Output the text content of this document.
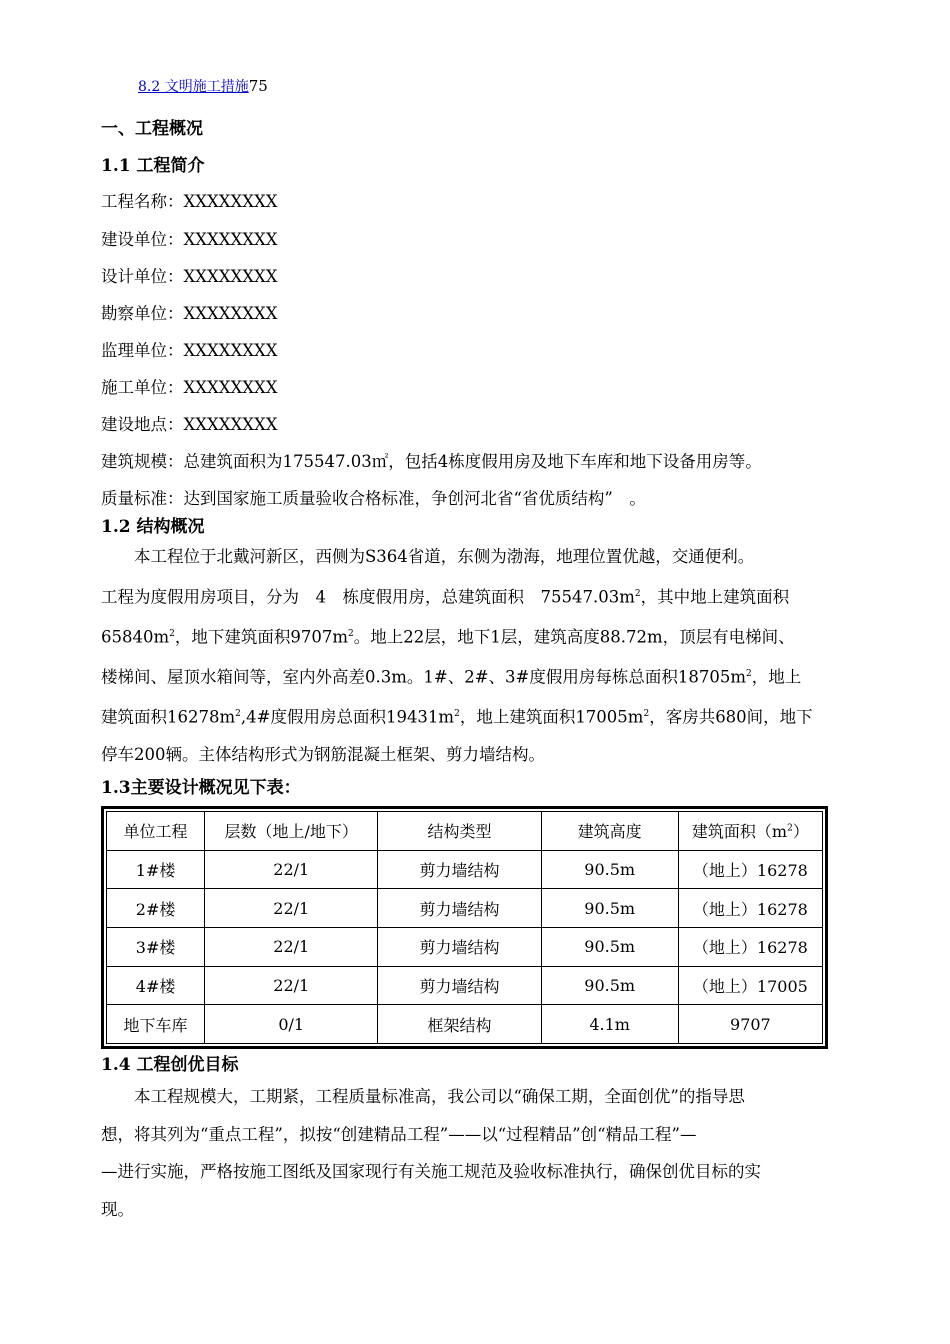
8.2 文明施工措施75
一、工程概况
1.1 工程简介
工程名称：XXXXXXXX
建设单位：XXXXXXXX
设计单位：XXXXXXXX
勘察单位：XXXXXXXX
监理单位：XXXXXXXX
施工单位：XXXXXXXX
建设地点：XXXXXXXX
建筑规模：总建筑面积为175547.03㎡，包括4栋度假用房及地下车库和地下设备用房等。
质量标准：达到国家施工质量验收合格标准，争创河北省“省优质结构”　。
1.2 结构概况

本工程位于北戴河新区，西侧为S364省道，东侧为渤海，地理位置优越，交通便利。

工程为度假用房项目，分为　4　栋度假用房，总建筑面积　$75547.03m^2$，其中地上建筑面积

$65840m^2$，地下建筑面积$9707m^2$。地上22层，地下1层，建筑高度88.72m，顶层有电梯间、

楼梯间、屋顶水箱间等，室内外高差0.3m。1#、2#、3#度假用房每栋总面积$18705m^2$，地上

建筑面积$16278m^2,4\#$度假用房总面积$19431m^2$，地上建筑面积$17005m^2$，客房共680间，地下

停车200辆。主体结构形式为钢筋混凝土框架、剪力墙结构。

1.3主要设计概况见下表：
单位工程	层数（地上/地下）	结构类型	建筑高度	建筑面积$(m^2)$
1#楼	22/1	剪力墙结构	90.5m	（地上）16278
2#楼	22/1	剪力墙结构	90.5m	（地上）16278
3#楼	22/1	剪力墙结构	90.5m	（地上）16278
4#楼	22/1	剪力墙结构	90.5m	（地上）17005
地下车库	0/1	框架结构	4.1m	9707
1.4 工程创优目标

本工程规模大，工期紧，工程质量标准高，我公司以“确保工期，全面创优”的指导思

想，将其列为“重点工程”，拟按“创建精品工程”——以“过程精品”创“精品工程”—

—进行实施，严格按施工图纸及国家现行有关施工规范及验收标准执行，确保创优目标的实

现。
